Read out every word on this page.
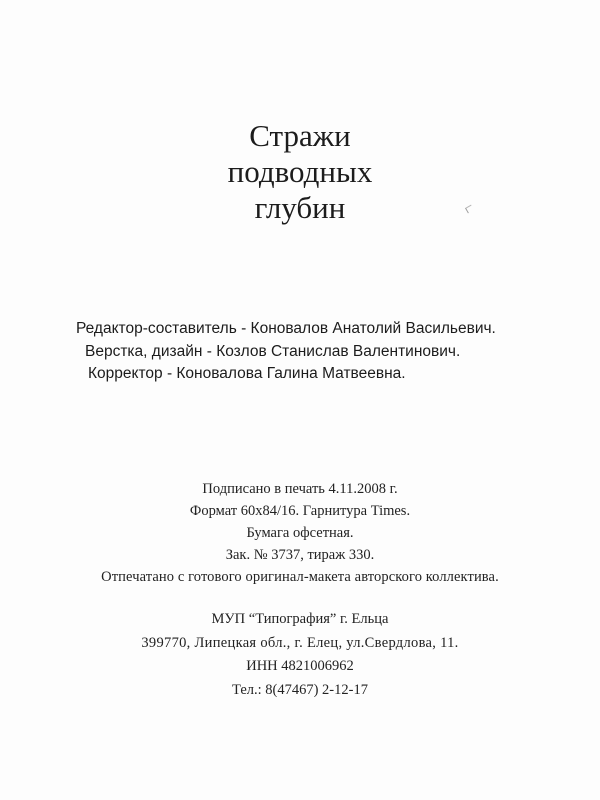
Стражи
подводных
глубин
Редактор-составитель - Коновалов Анатолий Васильевич.
Верстка, дизайн - Козлов Станислав Валентинович.
Корректор - Коновалова Галина Матвеевна.
Подписано в печать 4.11.2008 г.
Формат 60x84/16. Гарнитура Times.
Бумага офсетная.
Зак. № 3737, тираж 330.
Отпечатано с готового оригинал-макета авторского коллектива.
МУП “Типография” г. Ельца
399770, Липецкая обл., г. Елец, ул.Свердлова, 11.
ИНН 4821006962
Тел.: 8(47467) 2-12-17
